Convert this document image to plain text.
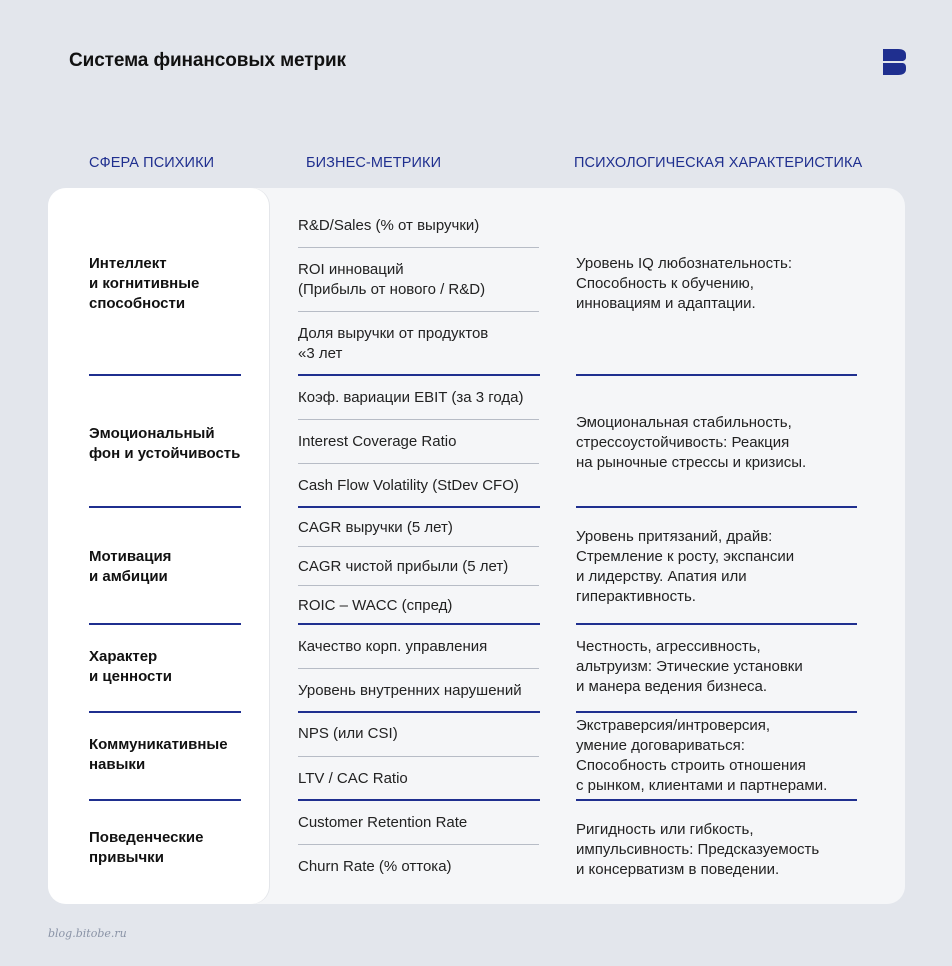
Система финансовых метрик
СФЕРА ПСИХИКИ	БИЗНЕС-МЕТРИКИ	ПСИХОЛОГИЧЕСКАЯ ХАРАКТЕРИСТИКА
Интеллект
и когнитивные
способности
R&D/Sales (% от выручки)
ROI инноваций
(Прибыль от нового / R&D)
Доля выручки от продуктов
«3 лет
Уровень IQ любознательность:
Способность к обучению,
инновациям и адаптации.
Эмоциональный
фон и устойчивость
Коэф. вариации EBIT (за 3 года)
Interest Coverage Ratio
Cash Flow Volatility (StDev CFO)
Эмоциональная стабильность,
стрессоустойчивость: Реакция
на рыночные стрессы и кризисы.
Мотивация
и амбиции
CAGR выручки (5 лет)
CAGR чистой прибыли (5 лет)
ROIC – WACC (спред)
Уровень притязаний, драйв:
Стремление к росту, экспансии
и лидерству. Апатия или
гиперактивность.
Характер
и ценности
Качество корп. управления
Уровень внутренних нарушений
Честность, агрессивность,
альтруизм: Этические установки
и манера ведения бизнеса.
Коммуникативные
навыки
NPS (или CSI)
LTV / CAC Ratio
Экстраверсия/интроверсия,
умение договариваться:
Способность строить отношения
с рынком, клиентами и партнерами.
Поведенческие
привычки
Customer Retention Rate
Churn Rate (% оттока)
Ригидность или гибкость,
импульсивность: Предсказуемость
и консерватизм в поведении.
blog.bitobe.ru
